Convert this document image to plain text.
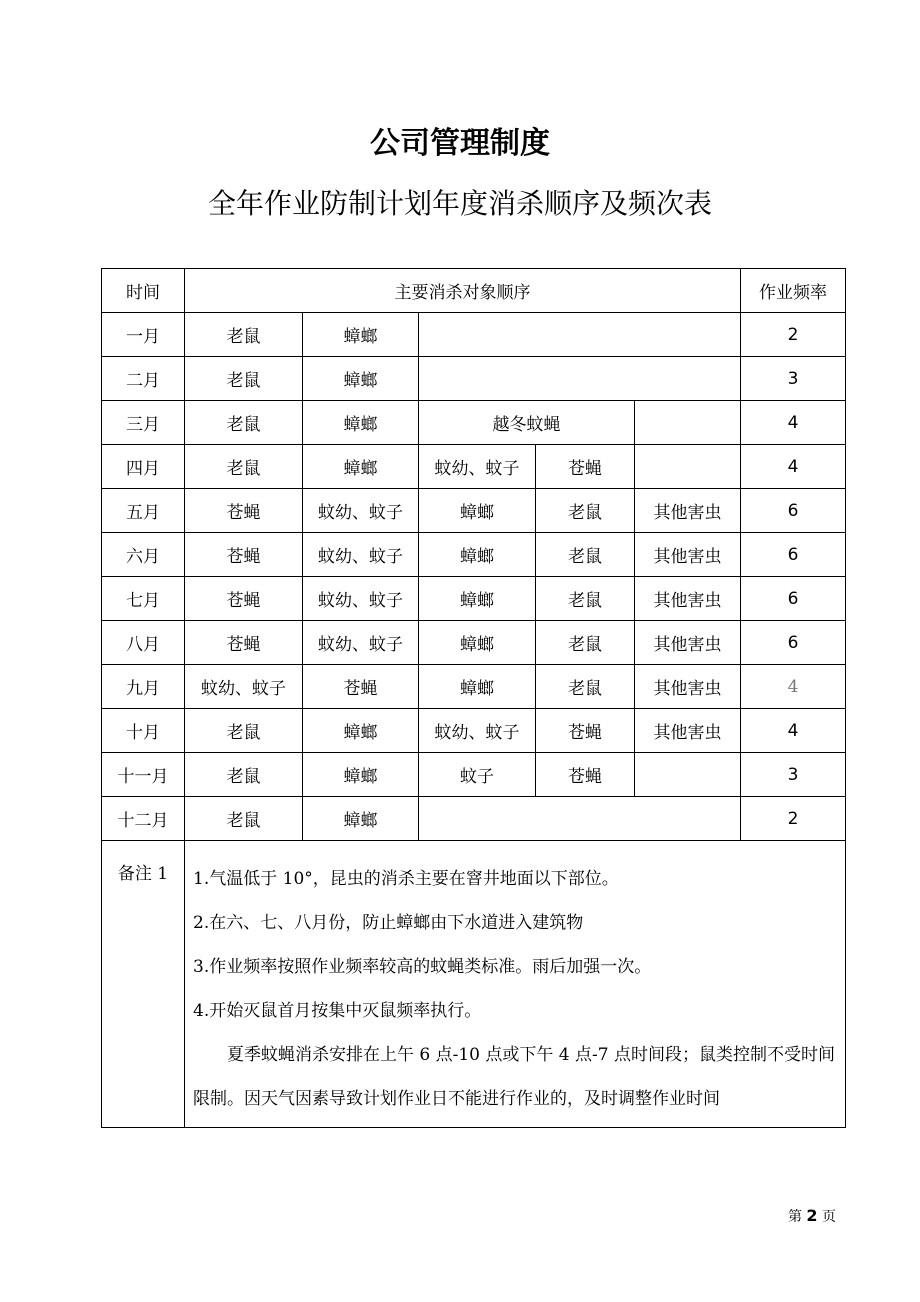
公司管理制度
全年作业防制计划年度消杀顺序及频次表
时间	主要消杀对象顺序					作业频率
一月	老鼠	蟑螂				2
二月	老鼠	蟑螂				3
三月	老鼠	蟑螂	越冬蚊蝇			4
四月	老鼠	蟑螂	蚊幼、蚊子	苍蝇		4
五月	苍蝇	蚊幼、蚊子	蟑螂	老鼠	其他害虫	6
六月	苍蝇	蚊幼、蚊子	蟑螂	老鼠	其他害虫	6
七月	苍蝇	蚊幼、蚊子	蟑螂	老鼠	其他害虫	6
八月	苍蝇	蚊幼、蚊子	蟑螂	老鼠	其他害虫	6
九月	蚊幼、蚊子	苍蝇	蟑螂	老鼠	其他害虫	4
十月	老鼠	蟑螂	蚊幼、蚊子	苍蝇	其他害虫	4
十一月	老鼠	蟑螂	蚊子	苍蝇		3
十二月	老鼠	蟑螂				2
备注 1	1.气温低于 10°，昆虫的消杀主要在窨井地面以下部位。
2.在六、七、八月份，防止蟑螂由下水道进入建筑物
3.作业频率按照作业频率较高的蚊蝇类标准。雨后加强一次。
4.开始灭鼠首月按集中灭鼠频率执行。
夏季蚊蝇消杀安排在上午 6 点-10 点或下午 4 点-7 点时间段；鼠类控制不受时间限制。因天气因素导致计划作业日不能进行作业的，及时调整作业时间					
第 2 页
